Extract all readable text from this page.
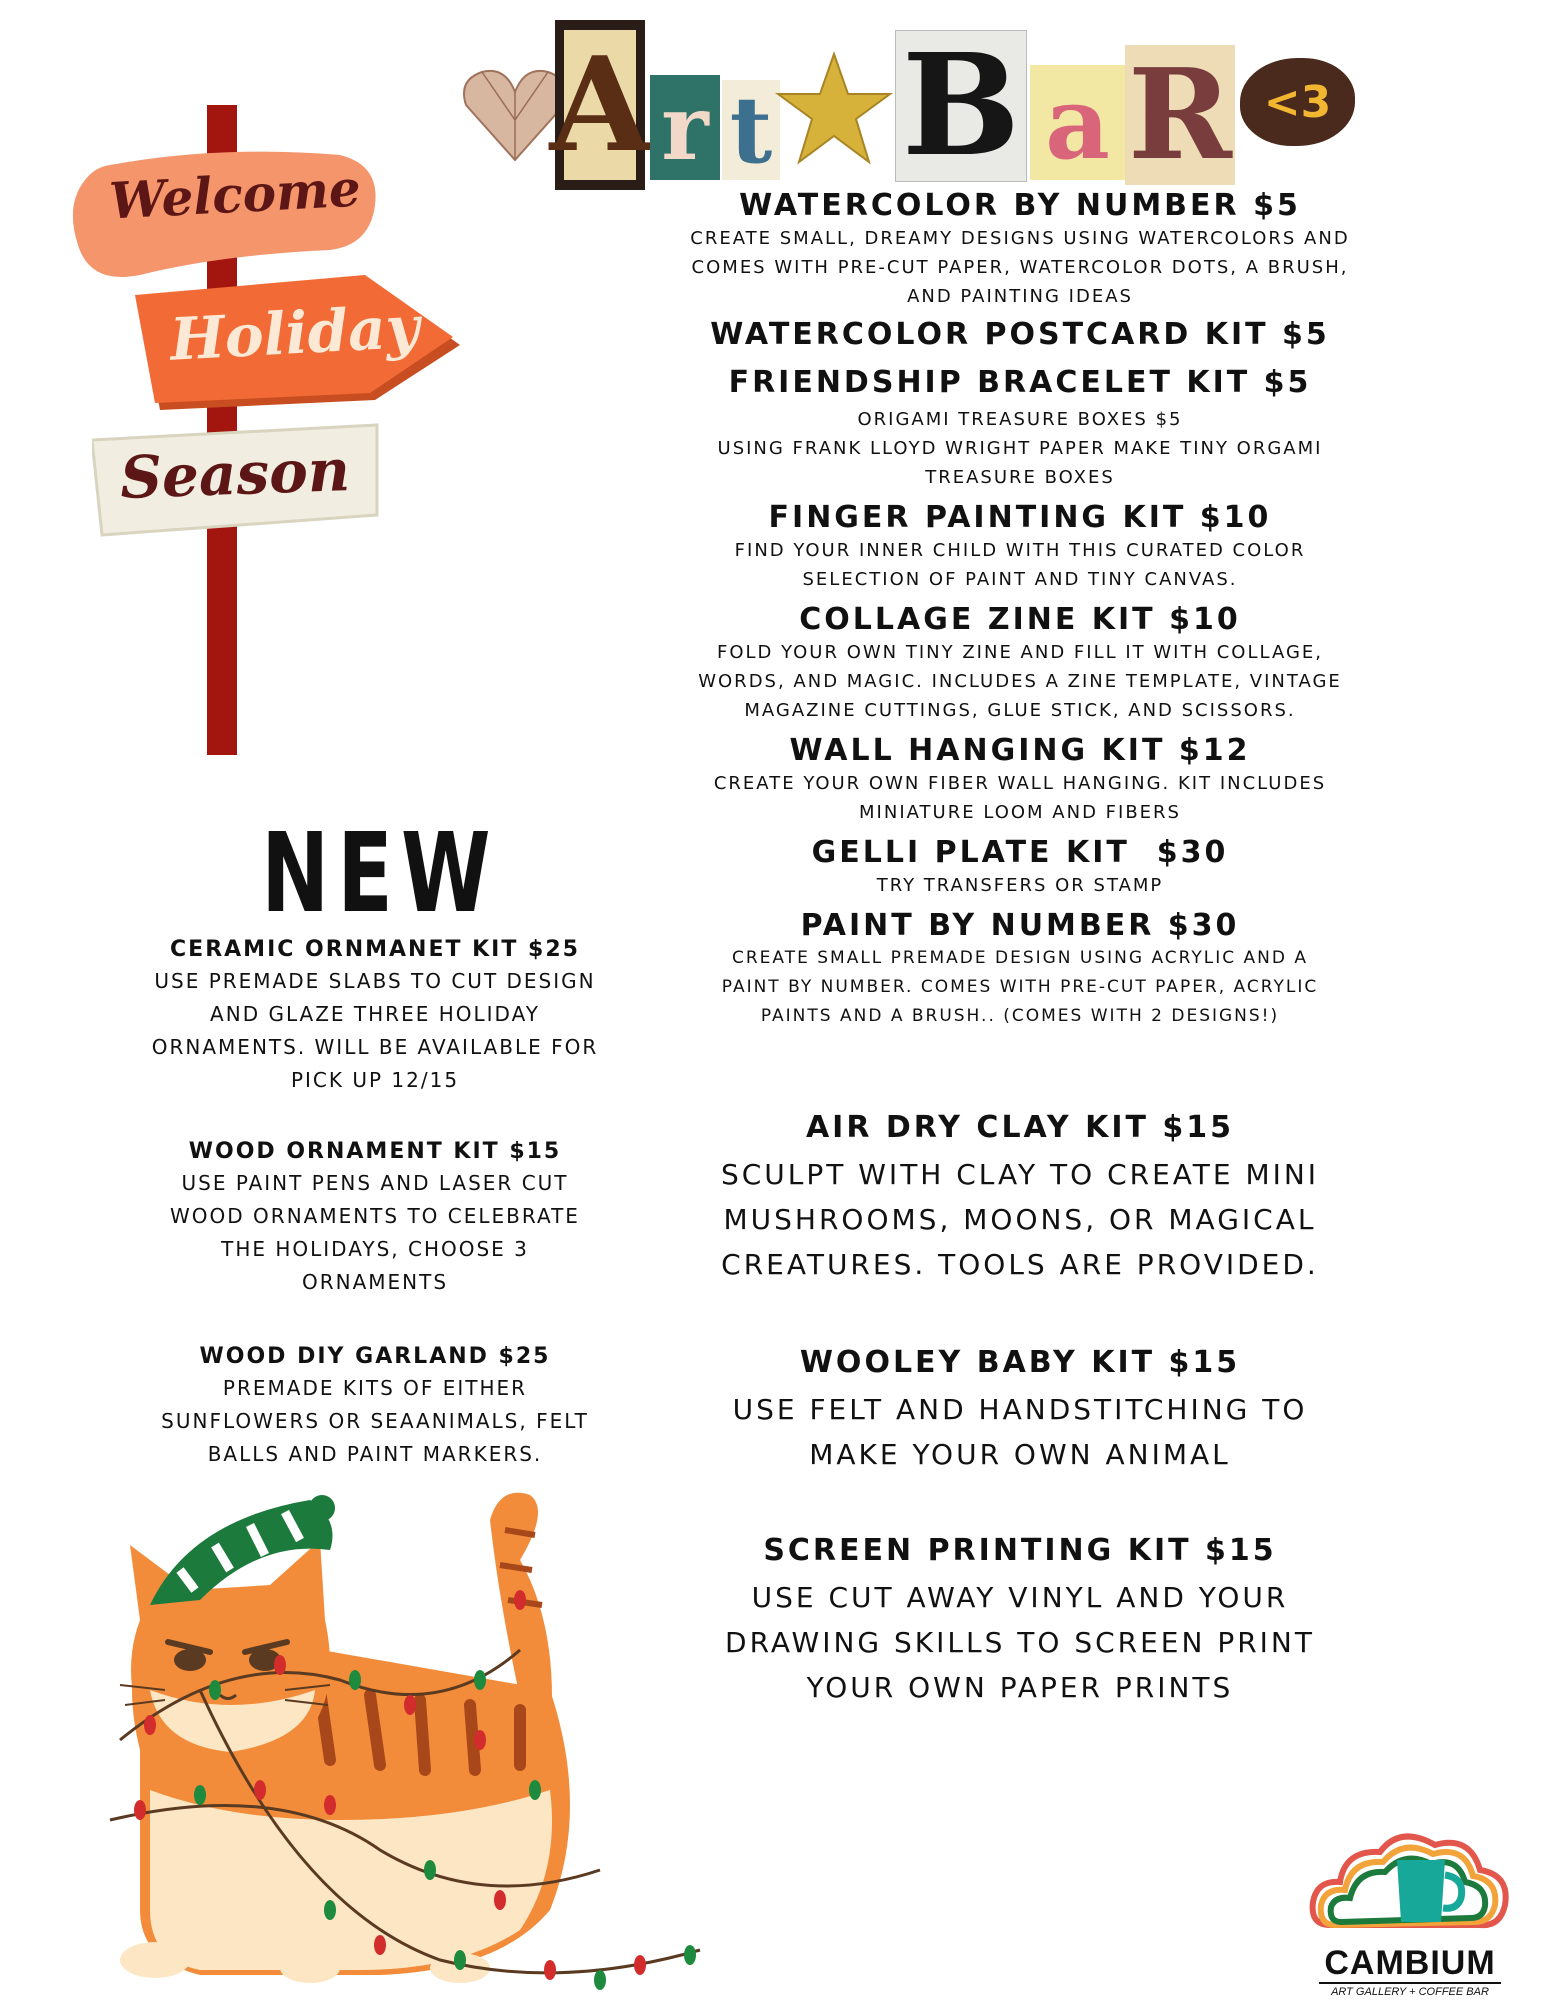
A r t B a R <3
Welcome
Holiday
Season

WATERCOLOR BY NUMBER $5

CREATE SMALL, DREAMY DESIGNS USING WATERCOLORS AND

COMES WITH PRE-CUT PAPER, WATERCOLOR DOTS, A BRUSH,

AND PAINTING IDEAS

WATERCOLOR POSTCARD KIT $5

FRIENDSHIP BRACELET KIT $5

ORIGAMI TREASURE BOXES $5

USING FRANK LLOYD WRIGHT PAPER MAKE TINY ORGAMI

TREASURE BOXES

FINGER PAINTING KIT $10

FIND YOUR INNER CHILD WITH THIS CURATED COLOR

SELECTION OF PAINT AND TINY CANVAS.

COLLAGE ZINE KIT $10

FOLD YOUR OWN TINY ZINE AND FILL IT WITH COLLAGE,

WORDS, AND MAGIC. INCLUDES A ZINE TEMPLATE, VINTAGE

MAGAZINE CUTTINGS, GLUE STICK, AND SCISSORS.

WALL HANGING KIT $12

CREATE YOUR OWN FIBER WALL HANGING. KIT INCLUDES

MINIATURE LOOM AND FIBERS

GELLI PLATE KIT  $30

TRY TRANSFERS OR STAMP

PAINT BY NUMBER $30

CREATE SMALL PREMADE DESIGN USING ACRYLIC AND A

PAINT BY NUMBER. COMES WITH PRE-CUT PAPER, ACRYLIC

PAINTS AND A BRUSH.. (COMES WITH 2 DESIGNS!)

AIR DRY CLAY KIT $15

SCULPT WITH CLAY TO CREATE MINI

MUSHROOMS, MOONS, OR MAGICAL

CREATURES. TOOLS ARE PROVIDED.

WOOLEY BABY KIT $15

USE FELT AND HANDSTITCHING TO

MAKE YOUR OWN ANIMAL

SCREEN PRINTING KIT $15

USE CUT AWAY VINYL AND YOUR

DRAWING SKILLS TO SCREEN PRINT

YOUR OWN PAPER PRINTS

NEW

CERAMIC ORNMANET KIT $25

USE PREMADE SLABS TO CUT DESIGN

AND GLAZE THREE HOLIDAY

ORNAMENTS. WILL BE AVAILABLE FOR

PICK UP 12/15

WOOD ORNAMENT KIT $15

USE PAINT PENS AND LASER CUT

WOOD ORNAMENTS TO CELEBRATE

THE HOLIDAYS, CHOOSE 3

ORNAMENTS

WOOD DIY GARLAND $25

PREMADE KITS OF EITHER

SUNFLOWERS OR SEAANIMALS, FELT

BALLS AND PAINT MARKERS.

CAMBIUM
ART GALLERY + COFFEE BAR
